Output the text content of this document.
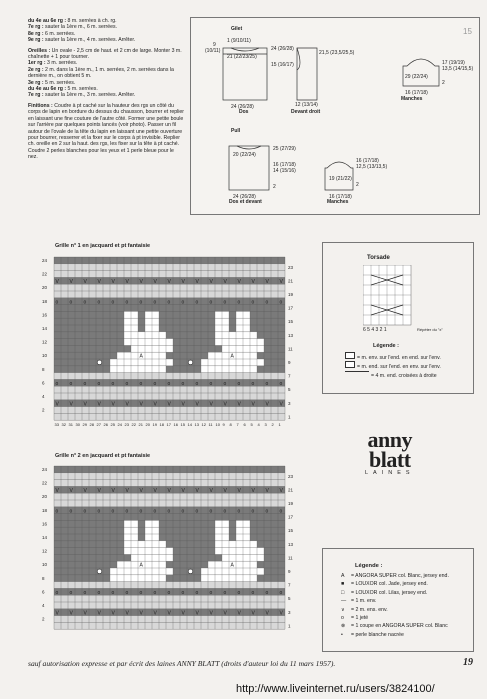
du 4e au 6e rg : 8 m. serrées à ch. rg.
7e rg : sauter la 1ère m., 6 m. serrées.
8e rg : 6 m. serrées.
9e rg : sauter la 1ère m., 4 m. serrées. Arrêter.

Oreilles : Un ovale - 2,5 cm de haut. et 2 cm de large. Monter 3 m. chaînette + 1 pour tourner.
1er rg : 3 m. serrées.
2e rg : 2 m. dans la 1ère m., 1 m. serrées, 2 m. serrées dans la dernière m., on obtient 5 m.
3e rg : 5 m. serrées.
du 4e au 6e rg : 5 m. serrées.
7e rg : sauter la 1ère m., 3 m. serrées. Arrêter.

Finitions : Coudre à pt caché sur la hauteur des rgs un côté du corps de lapin en bordure du dessus du chausson, bourrer et replier en laissant une fine couture de l'autre côté. Former une petite boule sur l'arrière par quelques points lancés (voir photo). Passer un fil autour de l'ovale de la tête du lapin en laissant une petite ouverture pour bourrer, resserrer et la fixer sur le corps à pt invisible. Replier ch. oreille en 2 sur la haut. des rgs, les fixer sur la tête à pt caché. Coudre 2 perles blanches pour les yeux et 1 perle bleue pour le nez.

Gilet
Pull
Dos	Devant droit
Manches
Dos et devant	Manches
15
9
(10/11)
1 (9/10/11)
21 (22/23/25)
24 (26/28)
15 (16/17)
24 (26/28)
21,5 (23,5/25,5)
12 (13/14)
29 (22/24)
17 (19/19)
13,5 (14/15,5)
2
16 (17/18)
25 (27/29)
20 (22/24)
16 (17/18)
14 (15/16)
2
24 (26/28)
16 (17/18)
12,5 (13/13,5)
19 (21/22)
16 (17/18)
2
Grille n° 1 en jacquard et pt fantaisie
V V V V V V V V V V V V V V V V V
V V V V V V V V V V V V V V V V V
o o o o o o o o o o o o o o o o o
o o o o o o o o o o o o o o o o o
A	A
24
22
20
18
16
14
12
10
8
6
4
2
23
21
19
17
15
13
11
9
7
5
3
1
33 32 31 30 29 28 27 26 25 24 23 22 21 20 19 18 17 16 15 14 13 12 11 10 9 8 7 6 5 4 3 2 1
Grille n° 2 en jacquard et pt fantaisie
V V V V V V V V V V V V V V V V V
V V V V V V V V V V V V V V V V V
o o o o o o o o o o o o o o o o o
o o o o o o o o o o o o o o o o o
A	A
24
22
20
18
16
14
12
10
8
6
4
2
23
21
19
17
15
13
11
9
7
5
3
1
Torsade
6 5 4 3 2 1	Répéter du "x"
Légende :
= m. env. sur l'end. en end. sur l'env.
= m. end. sur l'end. en env. sur l'env.
= 4 m. end. croisées à droite
anny
blatt
LAINES
Légende :
A = ANGORA SUPER col. Blanc, jersey end.
■ = LOUXOR col. Jade, jersey end.
□ = LOUXOR col. Lilas, jersey end.
— = 1 m. env.
∨ = 2 m. ens. env.
o = 1 jeté
⊗ = 1 coupe en ANGORA SUPER col. Blanc
• = perle blanche nacrée
sauf autorisation expresse et par écrit des laines ANNY BLATT (droits d'auteur loi du 11 mars 1957).	19
http://www.liveinternet.ru/users/3824100/
